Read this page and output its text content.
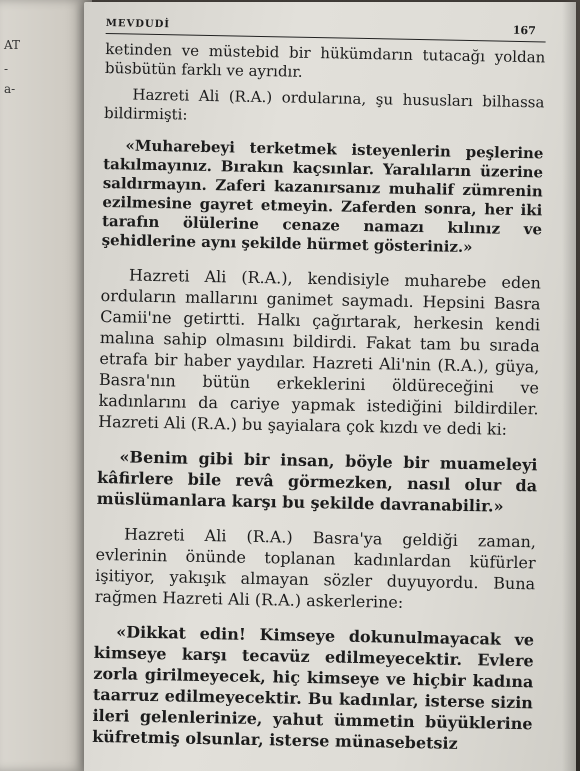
AT
-
a-
MEVDUDİ	167

ketinden ve müstebid bir hükümdarın tutacağı yoldan büsbütün farklı ve ayrıdır.

Hazreti Ali (R.A.) ordularına, şu hususları bilhassa bildirmişti:

«Muharebeyi terketmek isteyenlerin peşlerine takılmayınız. Bırakın kaçsınlar. Yaralıların üzerine saldırmayın. Zaferi kazanırsanız muhalif zümrenin ezilmesine gayret etmeyin. Zaferden sonra, her iki tarafın ölülerine cenaze namazı kılınız ve şehidlerine aynı şekilde hürmet gösteriniz.»

Hazreti Ali (R.A.), kendisiyle muharebe eden orduların mallarını ganimet saymadı. Hepsini Basra Camii'ne getirtti. Halkı çağırtarak, herkesin kendi malına sahip olmasını bildirdi. Fakat tam bu sırada etrafa bir haber yaydılar. Hazreti Ali'nin (R.A.), güya, Basra'nın bütün erkeklerini öldüreceğini ve kadınlarını da cariye yapmak istediğini bildirdiler. Hazreti Ali (R.A.) bu şayialara çok kızdı ve dedi ki:

«Benim gibi bir insan, böyle bir muameleyi kâfirlere bile revâ görmezken, nasıl olur da müslümanlara karşı bu şekilde davranabilir.»

Hazreti Ali (R.A.) Basra'ya geldiği zaman, evlerinin önünde toplanan kadınlardan küfürler işitiyor, yakışık almayan sözler duyuyordu. Buna rağmen Hazreti Ali (R.A.) askerlerine:

«Dikkat edin! Kimseye dokunulmayacak ve kimseye karşı tecavüz edilmeyecektir. Evlere zorla girilmeyecek, hiç kimseye ve hiçbir kadına taarruz edilmeyecektir. Bu kadınlar, isterse sizin ileri gelenlerinize, yahut ümmetin büyüklerine küfretmiş olsunlar, isterse münasebetsiz
